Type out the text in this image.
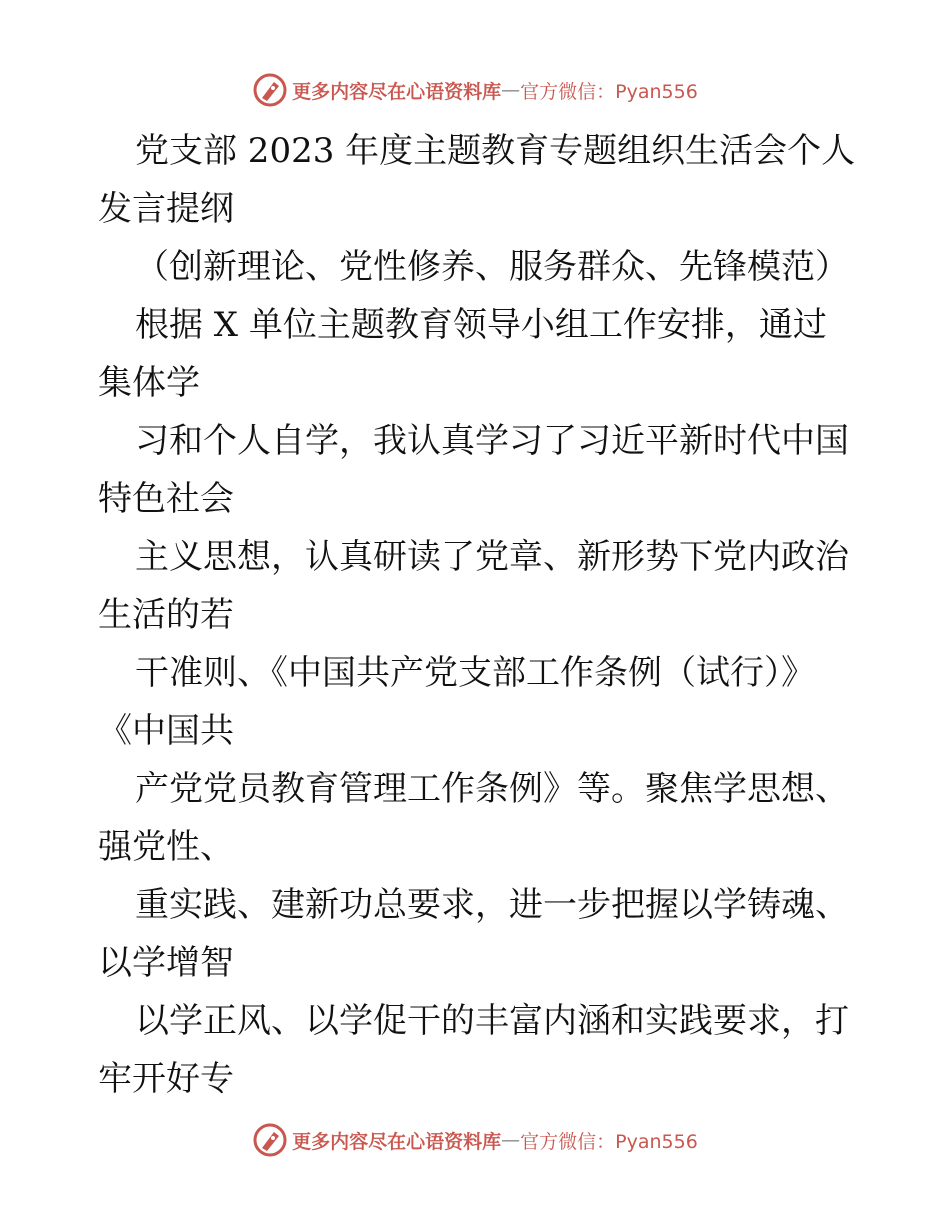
更多内容尽在心语资料库 — 官方微信：Pyan556
党支部 2023 年度主题教育专题组织生活会个人
发言提纲
（创新理论、党性修养、服务群众、先锋模范）
根据 X 单位主题教育领导小组工作安排，通过
集体学
习和个人自学，我认真学习了习近平新时代中国
特色社会
主义思想，认真研读了党章、新形势下党内政治
生活的若
干准则、《中国共产党支部工作条例（试行）》
《中国共
产党党员教育管理工作条例》等。聚焦学思想、
强党性、
重实践、建新功总要求，进一步把握以学铸魂、
以学增智
以学正风、以学促干的丰富内涵和实践要求，打
牢开好专
更多内容尽在心语资料库 — 官方微信：Pyan556
